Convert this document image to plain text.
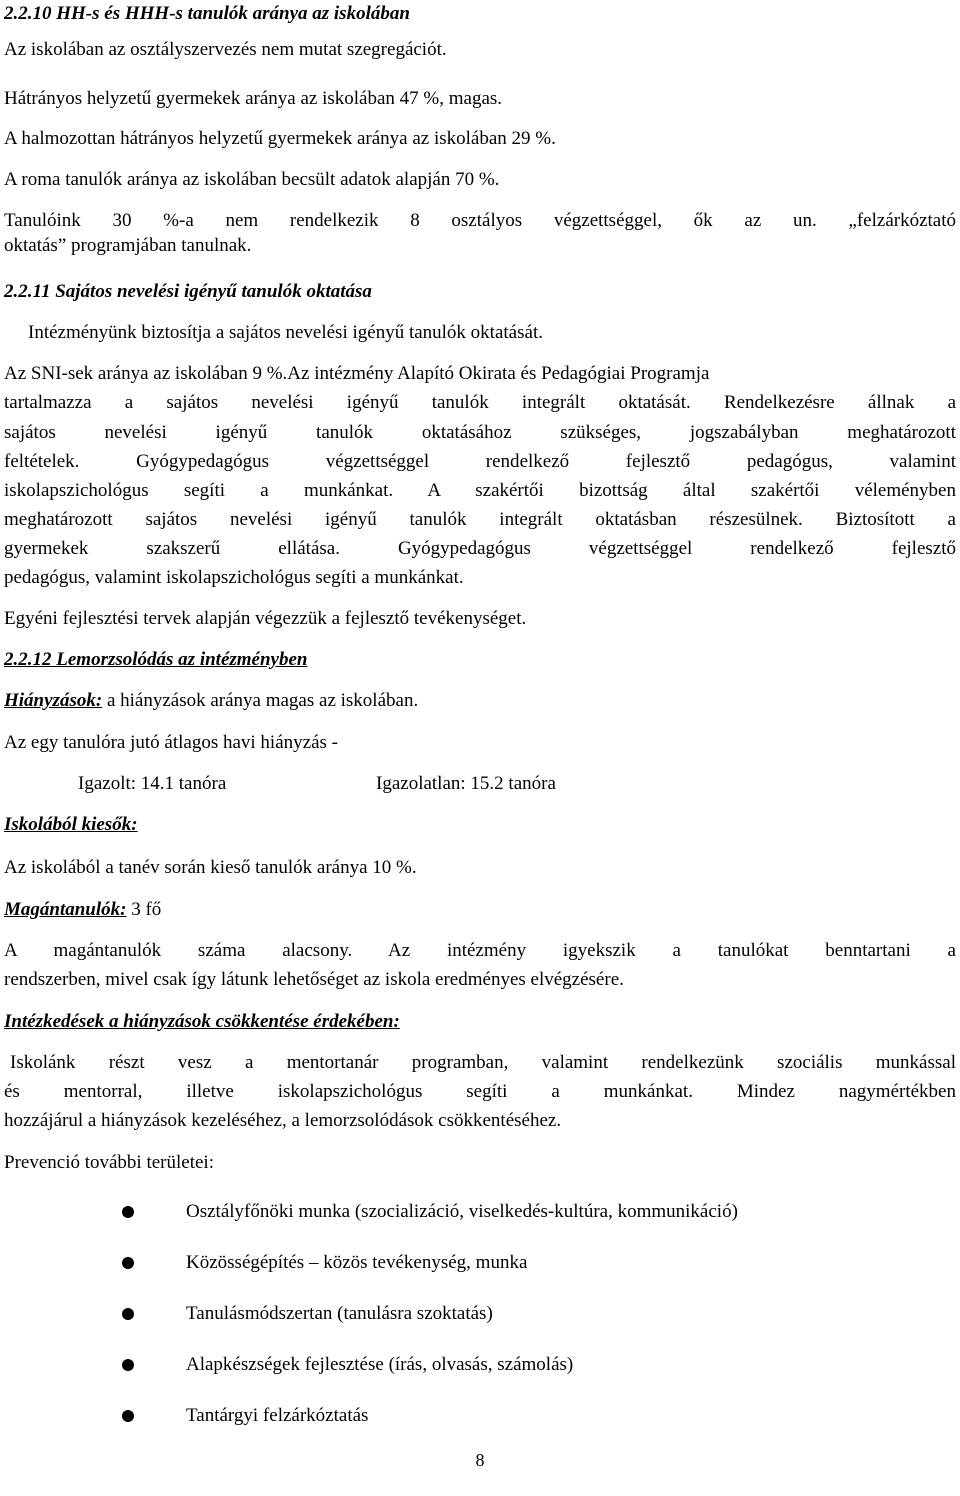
2.2.10 HH-s és HHH-s tanulók aránya az iskolában
Az iskolában az osztályszervezés nem mutat szegregációt.
Hátrányos helyzetű gyermekek aránya az iskolában 47 %, magas.
A halmozottan hátrányos helyzetű gyermekek aránya az iskolában 29 %.
A roma tanulók aránya az iskolában becsült adatok alapján 70 %.
Tanulóink 30 %-a nem rendelkezik 8 osztályos végzettséggel, ők az un. „felzárkóztató
oktatás” programjában tanulnak.
2.2.11 Sajátos nevelési igényű tanulók oktatása
Intézményünk biztosítja a sajátos nevelési igényű tanulók oktatását.
Az SNI-sek aránya az iskolában 9 %.Az intézmény Alapító Okirata és Pedagógiai Programja
tartalmazza a sajátos nevelési igényű tanulók integrált oktatását. Rendelkezésre állnak a
sajátos nevelési igényű tanulók oktatásához szükséges, jogszabályban meghatározott
feltételek. Gyógypedagógus végzettséggel rendelkező fejlesztő pedagógus, valamint
iskolapszichológus segíti a munkánkat. A szakértői bizottság által szakértői véleményben
meghatározott sajátos nevelési igényű tanulók integrált oktatásban részesülnek. Biztosított a
gyermekek szakszerű ellátása. Gyógypedagógus végzettséggel rendelkező fejlesztő
pedagógus, valamint iskolapszichológus segíti a munkánkat.
Egyéni fejlesztési tervek alapján végezzük a fejlesztő tevékenységet.
2.2.12 Lemorzsolódás az intézményben
Hiányzások: a hiányzások aránya magas az iskolában.
Az egy tanulóra jutó átlagos havi hiányzás -
Igazolt: 14.1 tanóra	Igazolatlan: 15.2 tanóra
Iskolából kiesők:
Az iskolából a tanév során kieső tanulók aránya 10 %.
Magántanulók: 3 fő
A magántanulók száma alacsony. Az intézmény igyekszik a tanulókat benntartani a
rendszerben, mivel csak így látunk lehetőséget az iskola eredményes elvégzésére.
Intézkedések a hiányzások csökkentése érdekében:
Iskolánk részt vesz a mentortanár programban, valamint rendelkezünk szociális munkással
és mentorral, illetve iskolapszichológus segíti a munkánkat. Mindez nagymértékben
hozzájárul a hiányzások kezeléséhez, a lemorzsolódások csökkentéséhez.
Prevenció további területei:
Osztályfőnöki munka (szocializáció, viselkedés-kultúra, kommunikáció)
Közösségépítés – közös tevékenység, munka
Tanulásmódszertan (tanulásra szoktatás)
Alapkészségek fejlesztése (írás, olvasás, számolás)
Tantárgyi felzárkóztatás
8
